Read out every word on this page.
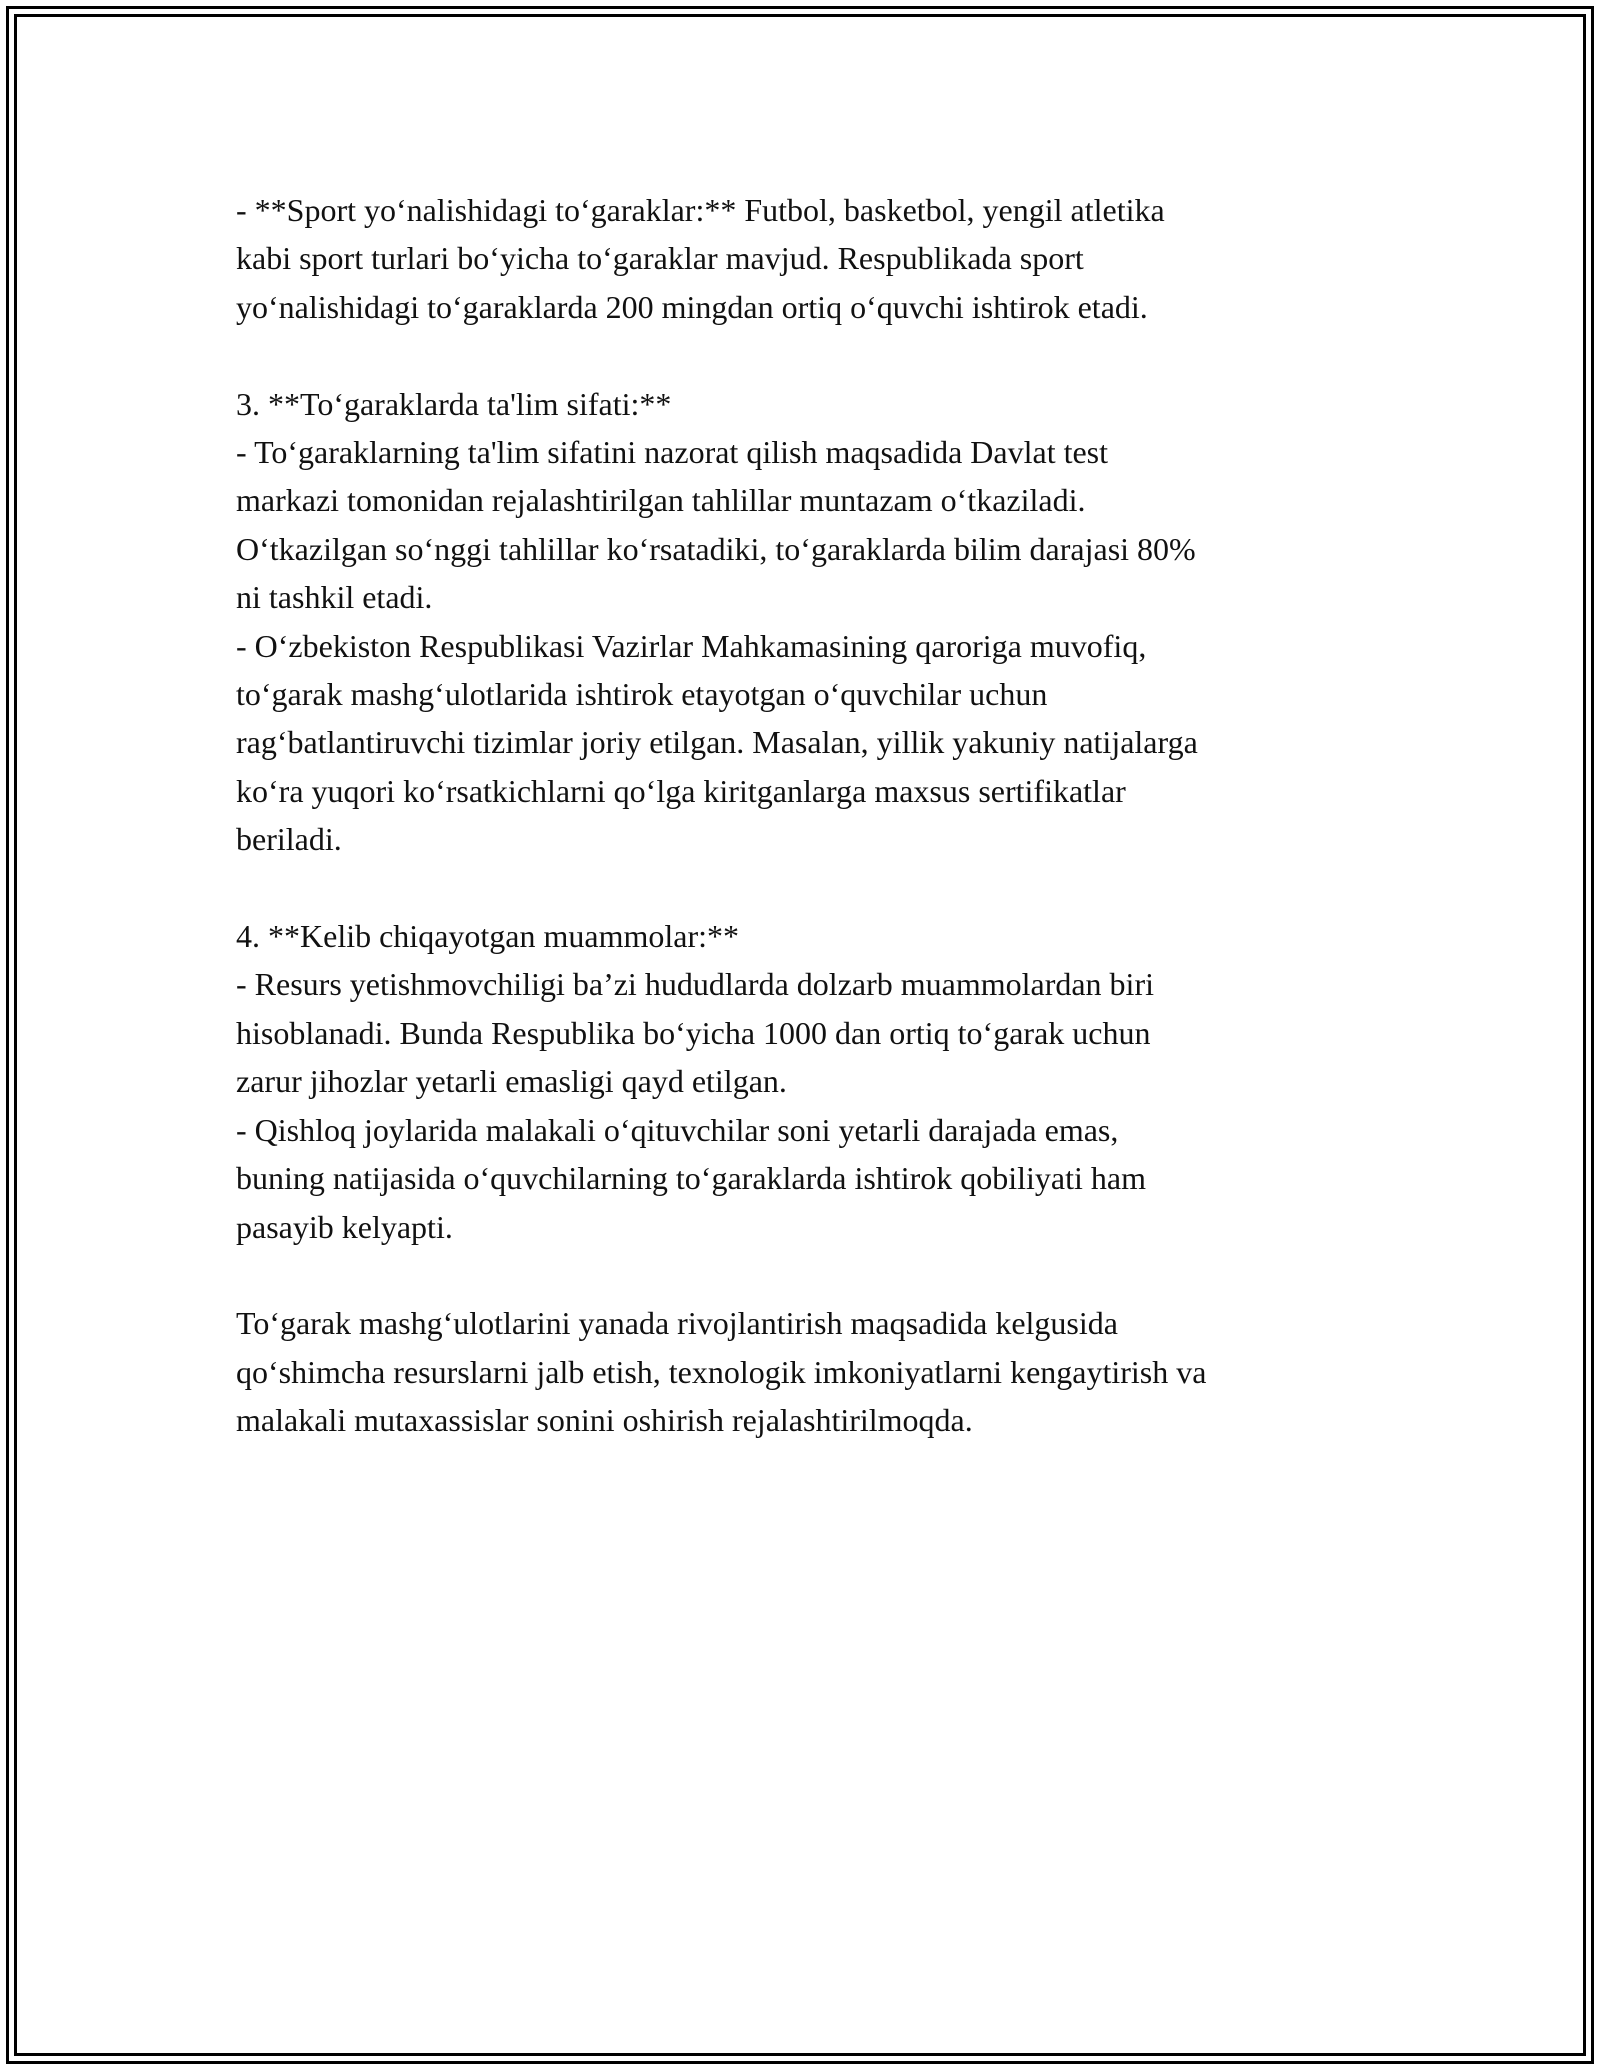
- **Sport yo‘nalishidagi to‘garaklar:** Futbol, basketbol, yengil atletika
kabi sport turlari bo‘yicha to‘garaklar mavjud. Respublikada sport
yo‘nalishidagi to‘garaklarda 200 mingdan ortiq o‘quvchi ishtirok etadi.

3. **To‘garaklarda ta'lim sifati:**
- To‘garaklarning ta'lim sifatini nazorat qilish maqsadida Davlat test
markazi tomonidan rejalashtirilgan tahlillar muntazam o‘tkaziladi.
O‘tkazilgan so‘nggi tahlillar ko‘rsatadiki, to‘garaklarda bilim darajasi 80%
ni tashkil etadi.
- O‘zbekiston Respublikasi Vazirlar Mahkamasining qaroriga muvofiq,
to‘garak mashg‘ulotlarida ishtirok etayotgan o‘quvchilar uchun
rag‘batlantiruvchi tizimlar joriy etilgan. Masalan, yillik yakuniy natijalarga
ko‘ra yuqori ko‘rsatkichlarni qo‘lga kiritganlarga maxsus sertifikatlar
beriladi.

4. **Kelib chiqayotgan muammolar:**
- Resurs yetishmovchiligi ba’zi hududlarda dolzarb muammolardan biri
hisoblanadi. Bunda Respublika bo‘yicha 1000 dan ortiq to‘garak uchun
zarur jihozlar yetarli emasligi qayd etilgan.
- Qishloq joylarida malakali o‘qituvchilar soni yetarli darajada emas,
buning natijasida o‘quvchilarning to‘garaklarda ishtirok qobiliyati ham
pasayib kelyapti.

To‘garak mashg‘ulotlarini yanada rivojlantirish maqsadida kelgusida
qo‘shimcha resurslarni jalb etish, texnologik imkoniyatlarni kengaytirish va
malakali mutaxassislar sonini oshirish rejalashtirilmoqda.
